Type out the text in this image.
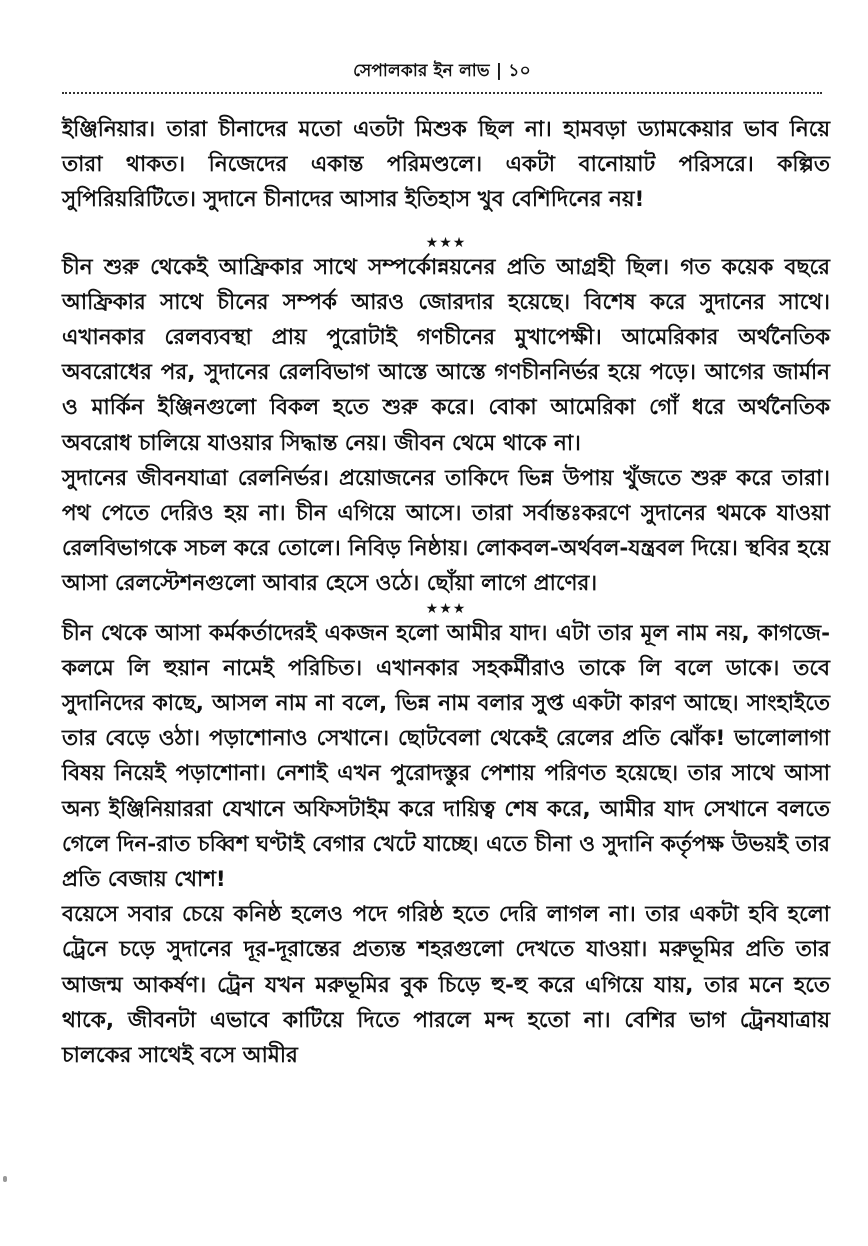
সেপালকার ইন লাভ | ১০

ইঞ্জিনিয়ার। তারা চীনাদের মতো এতটা মিশুক ছিল না। হামবড়া ড্যামকেয়ার ভাব নিয়ে তারা থাকত। নিজেদের একান্ত পরিমণ্ডলে। একটা বানোয়াট পরিসরে। কল্পিত সুপিরিয়রিটিতে। সুদানে চীনাদের আসার ইতিহাস খুব বেশিদিনের নয়!

★★★

চীন শুরু থেকেই আফ্রিকার সাথে সম্পর্কোন্নয়নের প্রতি আগ্রহী ছিল। গত কয়েক বছরে আফ্রিকার সাথে চীনের সম্পর্ক আরও জোরদার হয়েছে। বিশেষ করে সুদানের সাথে। এখানকার রেলব্যবস্থা প্রায় পুরোটাই গণচীনের মুখাপেক্ষী। আমেরিকার অর্থনৈতিক অবরোধের পর, সুদানের রেলবিভাগ আস্তে আস্তে গণচীননির্ভর হয়ে পড়ে। আগের জার্মান ও মার্কিন ইঞ্জিনগুলো বিকল হতে শুরু করে। বোকা আমেরিকা গোঁ ধরে অর্থনৈতিক অবরোধ চালিয়ে যাওয়ার সিদ্ধান্ত নেয়। জীবন থেমে থাকে না।

সুদানের জীবনযাত্রা রেলনির্ভর। প্রয়োজনের তাকিদে ভিন্ন উপায় খুঁজতে শুরু করে তারা। পথ পেতে দেরিও হয় না। চীন এগিয়ে আসে। তারা সর্বান্তঃকরণে সুদানের থমকে যাওয়া রেলবিভাগকে সচল করে তোলে। নিবিড় নিষ্ঠায়। লোকবল-অর্থবল-যন্ত্রবল দিয়ে। স্থবির হয়ে আসা রেলস্টেশনগুলো আবার হেসে ওঠে। ছোঁয়া লাগে প্রাণের।

★★★

চীন থেকে আসা কর্মকর্তাদেরই একজন হলো আমীর যাদ। এটা তার মূল নাম নয়, কাগজে-কলমে লি হুয়ান নামেই পরিচিত। এখানকার সহকর্মীরাও তাকে লি বলে ডাকে। তবে সুদানিদের কাছে, আসল নাম না বলে, ভিন্ন নাম বলার সুপ্ত একটা কারণ আছে। সাংহাইতে তার বেড়ে ওঠা। পড়াশোনাও সেখানে। ছোটবেলা থেকেই রেলের প্রতি ঝোঁক! ভালোলাগা বিষয় নিয়েই পড়াশোনা। নেশাই এখন পুরোদস্তুর পেশায় পরিণত হয়েছে। তার সাথে আসা অন্য ইঞ্জিনিয়াররা যেখানে অফিসটাইম করে দায়িত্ব শেষ করে, আমীর যাদ সেখানে বলতে গেলে দিন-রাত চব্বিশ ঘণ্টাই বেগার খেটে যাচ্ছে। এতে চীনা ও সুদানি কর্তৃপক্ষ উভয়ই তার প্রতি বেজায় খোশ!

বয়েসে সবার চেয়ে কনিষ্ঠ হলেও পদে গরিষ্ঠ হতে দেরি লাগল না। তার একটা হবি হলো ট্রেনে চড়ে সুদানের দূর-দূরান্তের প্রত্যন্ত শহরগুলো দেখতে যাওয়া। মরুভূমির প্রতি তার আজন্ম আকর্ষণ। ট্রেন যখন মরুভূমির বুক চিড়ে হু-হু করে এগিয়ে যায়, তার মনে হতে থাকে, জীবনটা এভাবে কাটিয়ে দিতে পারলে মন্দ হতো না। বেশির ভাগ ট্রেনযাত্রায় চালকের সাথেই বসে আমীর
